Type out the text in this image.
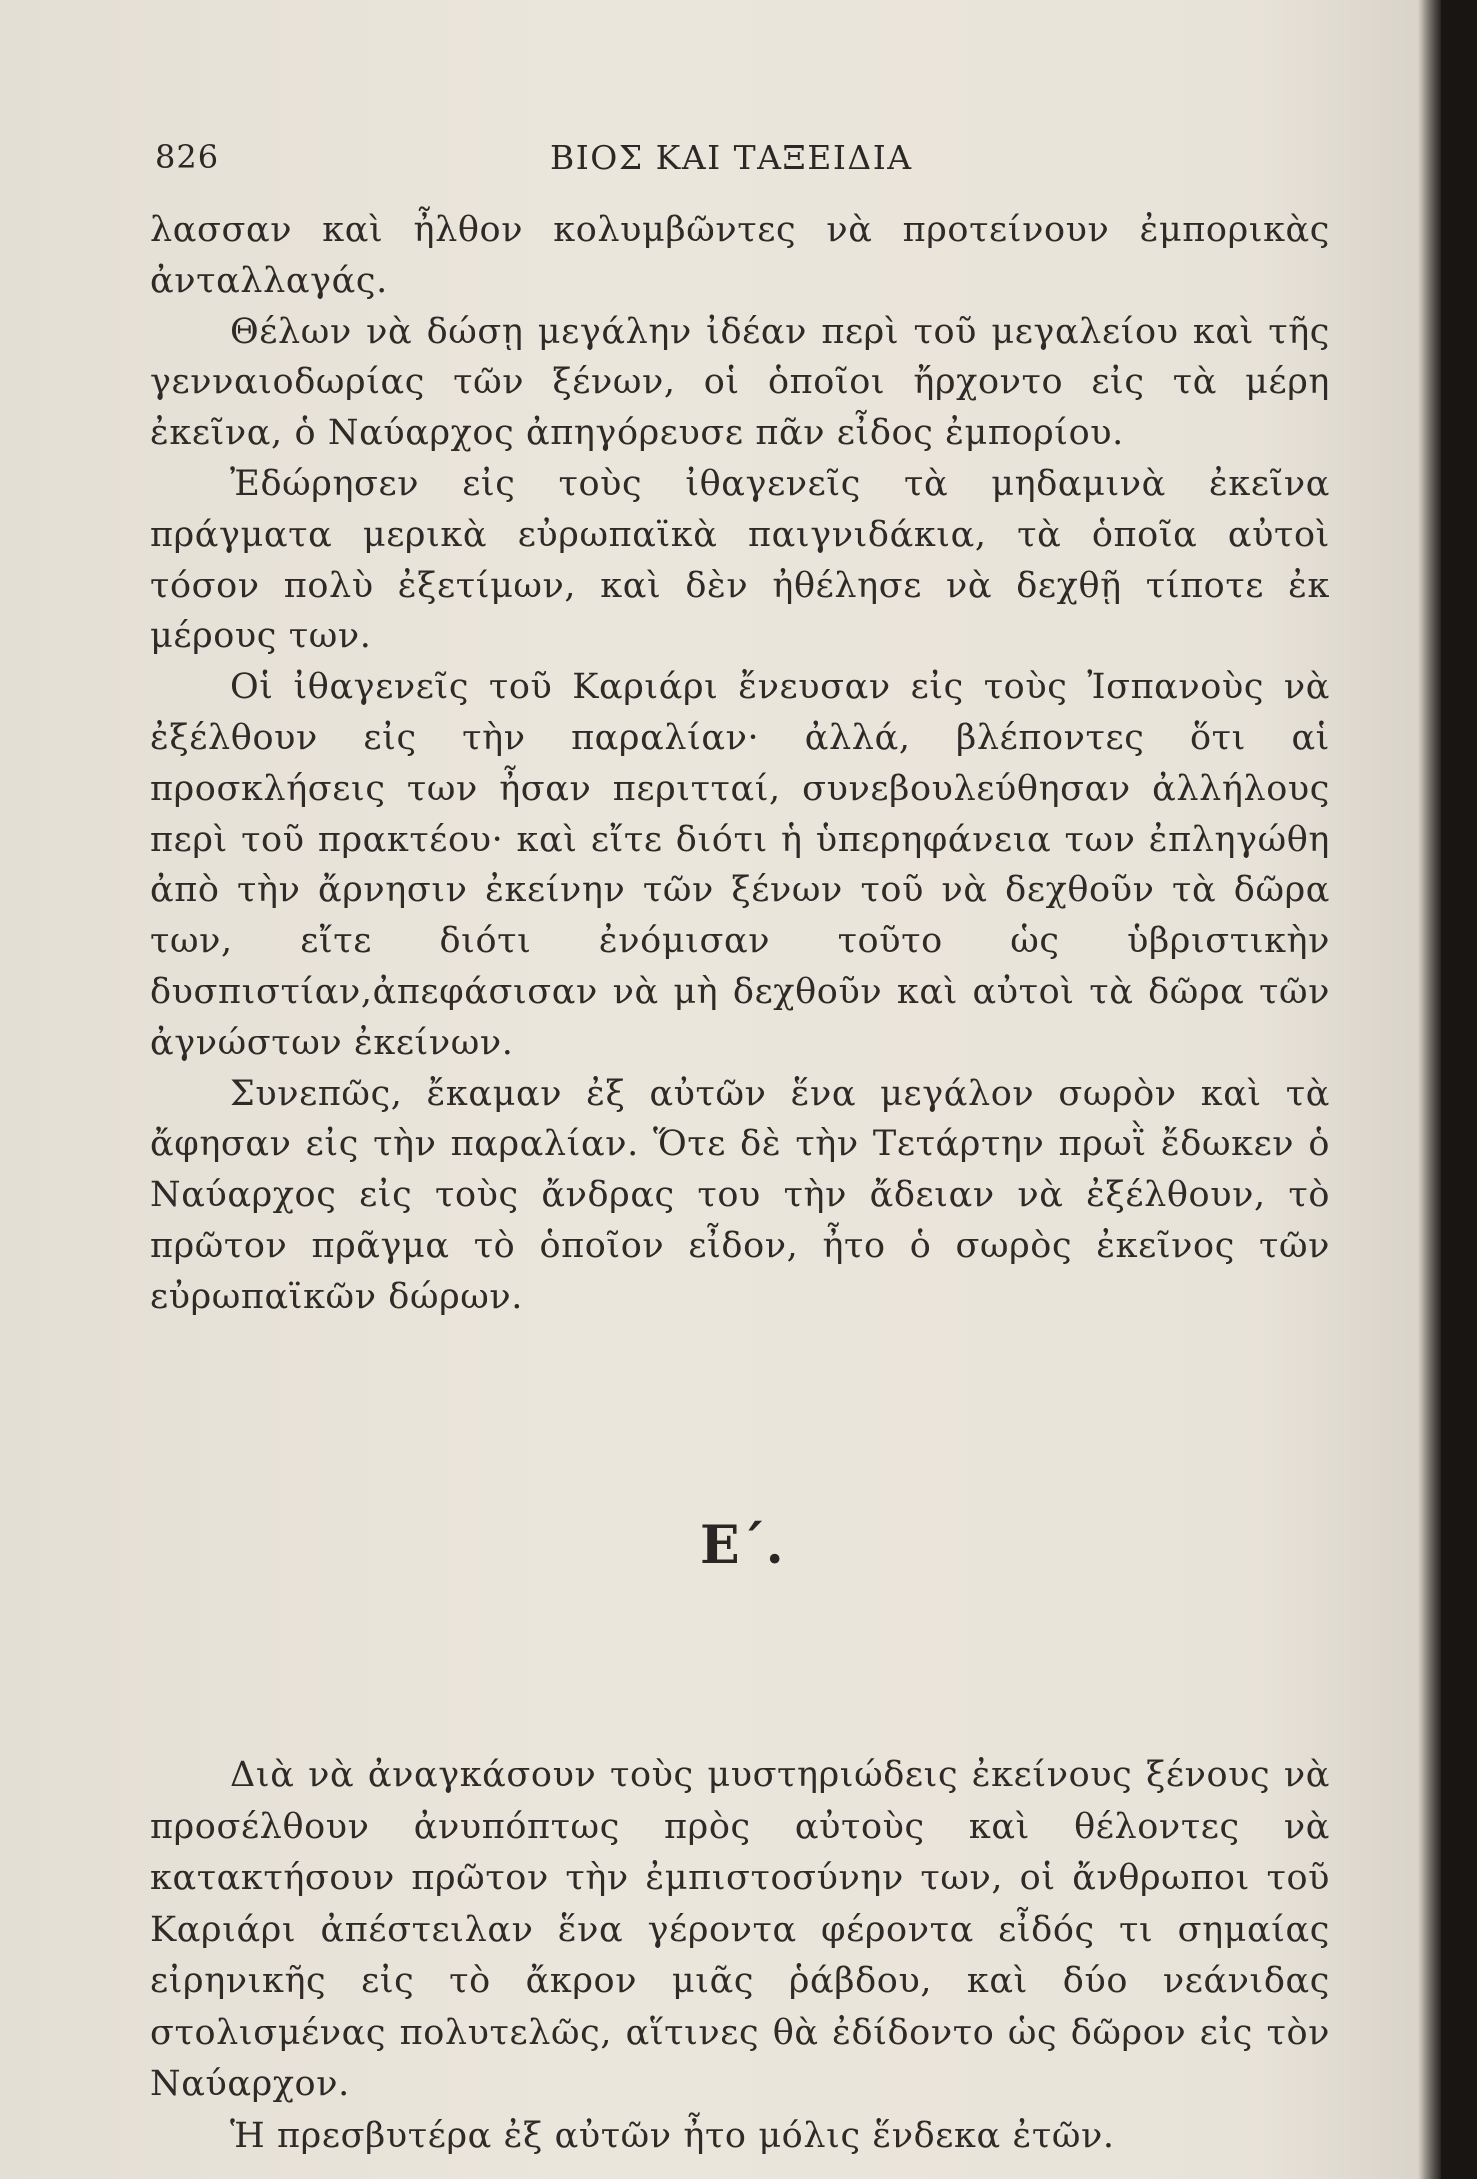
826	ΒΙΟΣ ΚΑΙ ΤΑΞΕΙΔΙΑ

λασσαν καὶ ἦλθον κολυμβῶντες νὰ προτείνουν ἐμπορικὰς ἀνταλλαγάς.

Θέλων νὰ δώσῃ μεγάλην ἰδέαν περὶ τοῦ μεγαλείου καὶ τῆς γενναιοδωρίας τῶν ξένων, οἱ ὁποῖοι ἤρχοντο εἰς τὰ μέρη ἐκεῖνα, ὁ Ναύαρχος ἀπηγόρευσε πᾶν εἶδος ἐμπορίου.

Ἐδώρησεν εἰς τοὺς ἰθαγενεῖς τὰ μηδαμινὰ ἐκεῖνα πράγματα μερικὰ εὐρωπαϊκὰ παιγνιδάκια, τὰ ὁποῖα αὐτοὶ τόσον πολὺ ἐξετίμων, καὶ δὲν ἠθέλησε νὰ δεχθῇ τίποτε ἐκ μέρους των.

Οἱ ἰθαγενεῖς τοῦ Καριάρι ἔνευσαν εἰς τοὺς Ἰσπανοὺς νὰ ἐξέλθουν εἰς τὴν παραλίαν· ἀλλά, βλέποντες ὅτι αἱ προσκλήσεις των ἦσαν περιτταί, συνεβουλεύθησαν ἀλλήλους περὶ τοῦ πρακτέου· καὶ εἴτε διότι ἡ ὑπερηφάνεια των ἐπληγώθη ἀπὸ τὴν ἄρνησιν ἐκείνην τῶν ξένων τοῦ νὰ δεχθοῦν τὰ δῶρα των, εἴτε διότι ἐνόμισαν τοῦτο ὡς ὑβριστικὴν δυσπιστίαν,ἀπεφάσισαν νὰ μὴ δεχθοῦν καὶ αὐτοὶ τὰ δῶρα τῶν ἀγνώστων ἐκείνων.

Συνεπῶς, ἔκαμαν ἐξ αὐτῶν ἕνα μεγάλον σωρὸν καὶ τὰ ἄφησαν εἰς τὴν παραλίαν. Ὅτε δὲ τὴν Τετάρτην πρωῒ ἔδωκεν ὁ Ναύαρχος εἰς τοὺς ἄνδρας του τὴν ἄδειαν νὰ ἐξέλθουν, τὸ πρῶτον πρᾶγμα τὸ ὁποῖον εἶδον, ἦτο ὁ σωρὸς ἐκεῖνος τῶν εὐρωπαϊκῶν δώρων.

Ε΄.

Διὰ νὰ ἀναγκάσουν τοὺς μυστηριώδεις ἐκείνους ξένους νὰ προσέλθουν ἀνυπόπτως πρὸς αὐτοὺς καὶ θέλοντες νὰ κατακτήσουν πρῶτον τὴν ἐμπιστοσύνην των, οἱ ἄνθρωποι τοῦ Καριάρι ἀπέστειλαν ἕνα γέροντα φέροντα εἶδός τι σημαίας εἰρηνικῆς εἰς τὸ ἄκρον μιᾶς ῥάβδου, καὶ δύο νεάνιδας στολισμένας πολυτελῶς, αἵτινες θὰ ἐδίδοντο ὡς δῶρον εἰς τὸν Ναύαρχον.

Ἡ πρεσβυτέρα ἐξ αὐτῶν ἦτο μόλις ἕνδεκα ἐτῶν.
